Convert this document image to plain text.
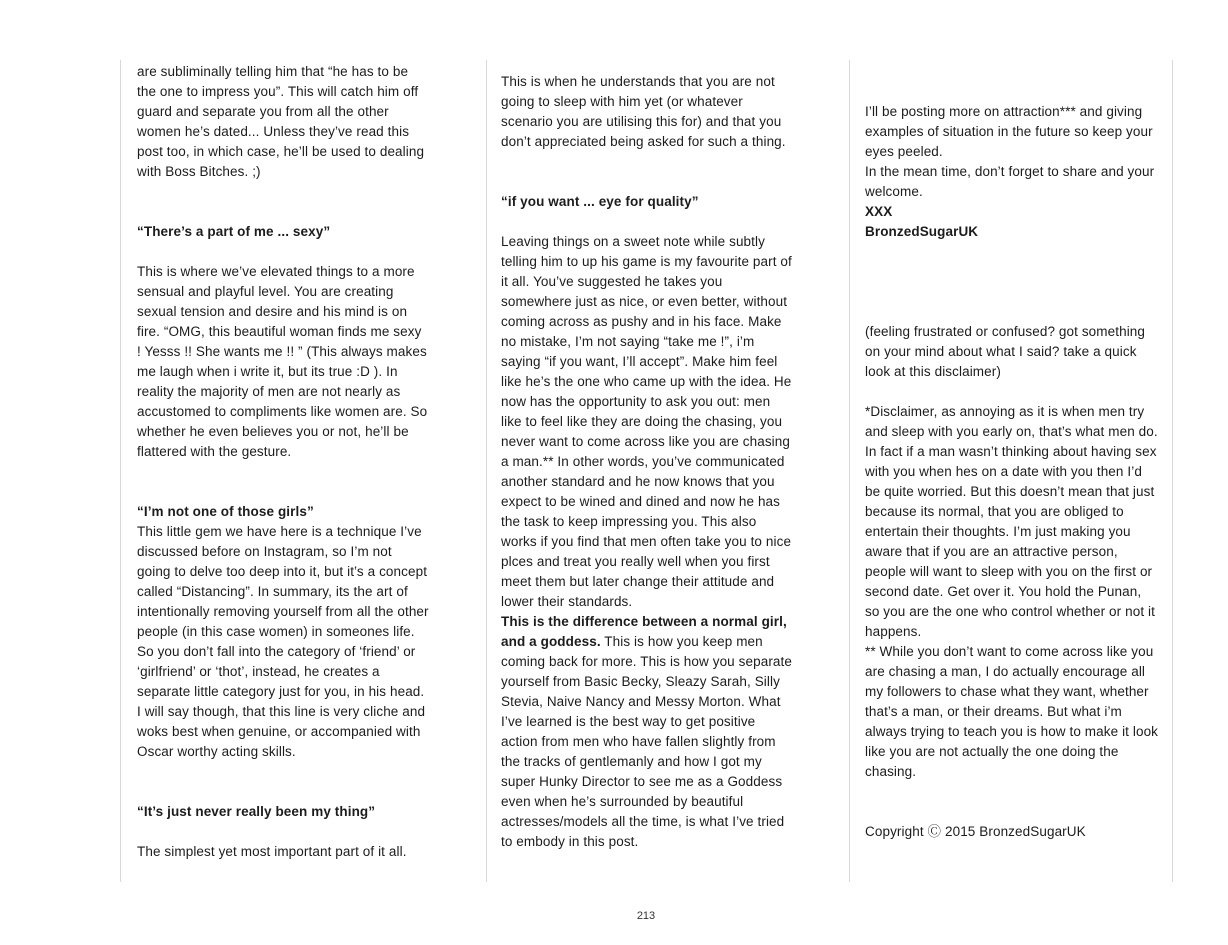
are subliminally telling him that “he has to be the one to impress you”. This will catch him off guard and separate you from all the other women he’s dated... Unless they’ve read this post too, in which case, he’ll be used to dealing with Boss Bitches. ;)

“There’s a part of me ... sexy”

This is where we’ve elevated things to a more sensual and playful level. You are creating sexual tension and desire and his mind is on fire. “OMG, this beautiful woman finds me sexy ! Yesss !! She wants me !! ” (This always makes me laugh when i write it, but its true :D ). In reality the majority of men are not nearly as accustomed to compliments like women are. So whether he even believes you or not, he’ll be flattered with the gesture.

“I’m not one of those girls”

This little gem we have here is a technique I’ve discussed before on Instagram, so I’m not going to delve too deep into it, but it’s a concept called “Distancing”. In summary, its the art of intentionally removing yourself from all the other people (in this case women) in someones life. So you don’t fall into the category of ‘friend’ or ‘girlfriend’ or ‘thot’, instead, he creates a separate little category just for you, in his head. I will say though, that this line is very cliche and woks best when genuine, or accompanied with Oscar worthy acting skills.

“It’s just never really been my thing”

The simplest yet most important part of it all.

This is when he understands that you are not going to sleep with him yet (or whatever scenario you are utilising this for) and that you don’t appreciated being asked for such a thing.

“if you want ... eye for quality”

Leaving things on a sweet note while subtly telling him to up his game is my favourite part of it all. You’ve suggested he takes you somewhere just as nice, or even better, without coming across as pushy and in his face. Make no mistake, I’m not saying “take me !”, i’m saying “if you want, I’ll accept”. Make him feel like he’s the one who came up with the idea. He now has the opportunity to ask you out: men like to feel like they are doing the chasing, you never want to come across like you are chasing a man.** In other words, you’ve communicated another standard and he now knows that you expect to be wined and dined and now he has the task to keep impressing you. This also works if you find that men often take you to nice plces and treat you really well when you first meet them but later change their attitude and lower their standards.

This is the difference between a normal girl, and a goddess. This is how you keep men coming back for more. This is how you separate yourself from Basic Becky, Sleazy Sarah, Silly Stevia, Naive Nancy and Messy Morton. What I’ve learned is the best way to get positive action from men who have fallen slightly from the tracks of gentlemanly and how I got my super Hunky Director to see me as a Goddess even when he’s surrounded by beautiful actresses/models all the time, is what I’ve tried to embody in this post.

I’ll be posting more on attraction*** and giving examples of situation in the future so keep your eyes peeled.

In the mean time, don’t forget to share and your welcome.

XXX

BronzedSugarUK

(feeling frustrated or confused? got something on your mind about what I said? take a quick look at this disclaimer)

*Disclaimer, as annoying as it is when men try and sleep with you early on, that’s what men do. In fact if a man wasn’t thinking about having sex with you when hes on a date with you then I’d be quite worried. But this doesn’t mean that just because its normal, that you are obliged to entertain their thoughts. I’m just making you aware that if you are an attractive person, people will want to sleep with you on the first or second date. Get over it. You hold the Punan, so you are the one who control whether or not it happens.

** While you don’t want to come across like you are chasing a man, I do actually encourage all my followers to chase what they want, whether that’s a man, or their dreams. But what i’m always trying to teach you is how to make it look like you are not actually the one doing the chasing.

Copyright Ⓒ 2015 BronzedSugarUK

213
